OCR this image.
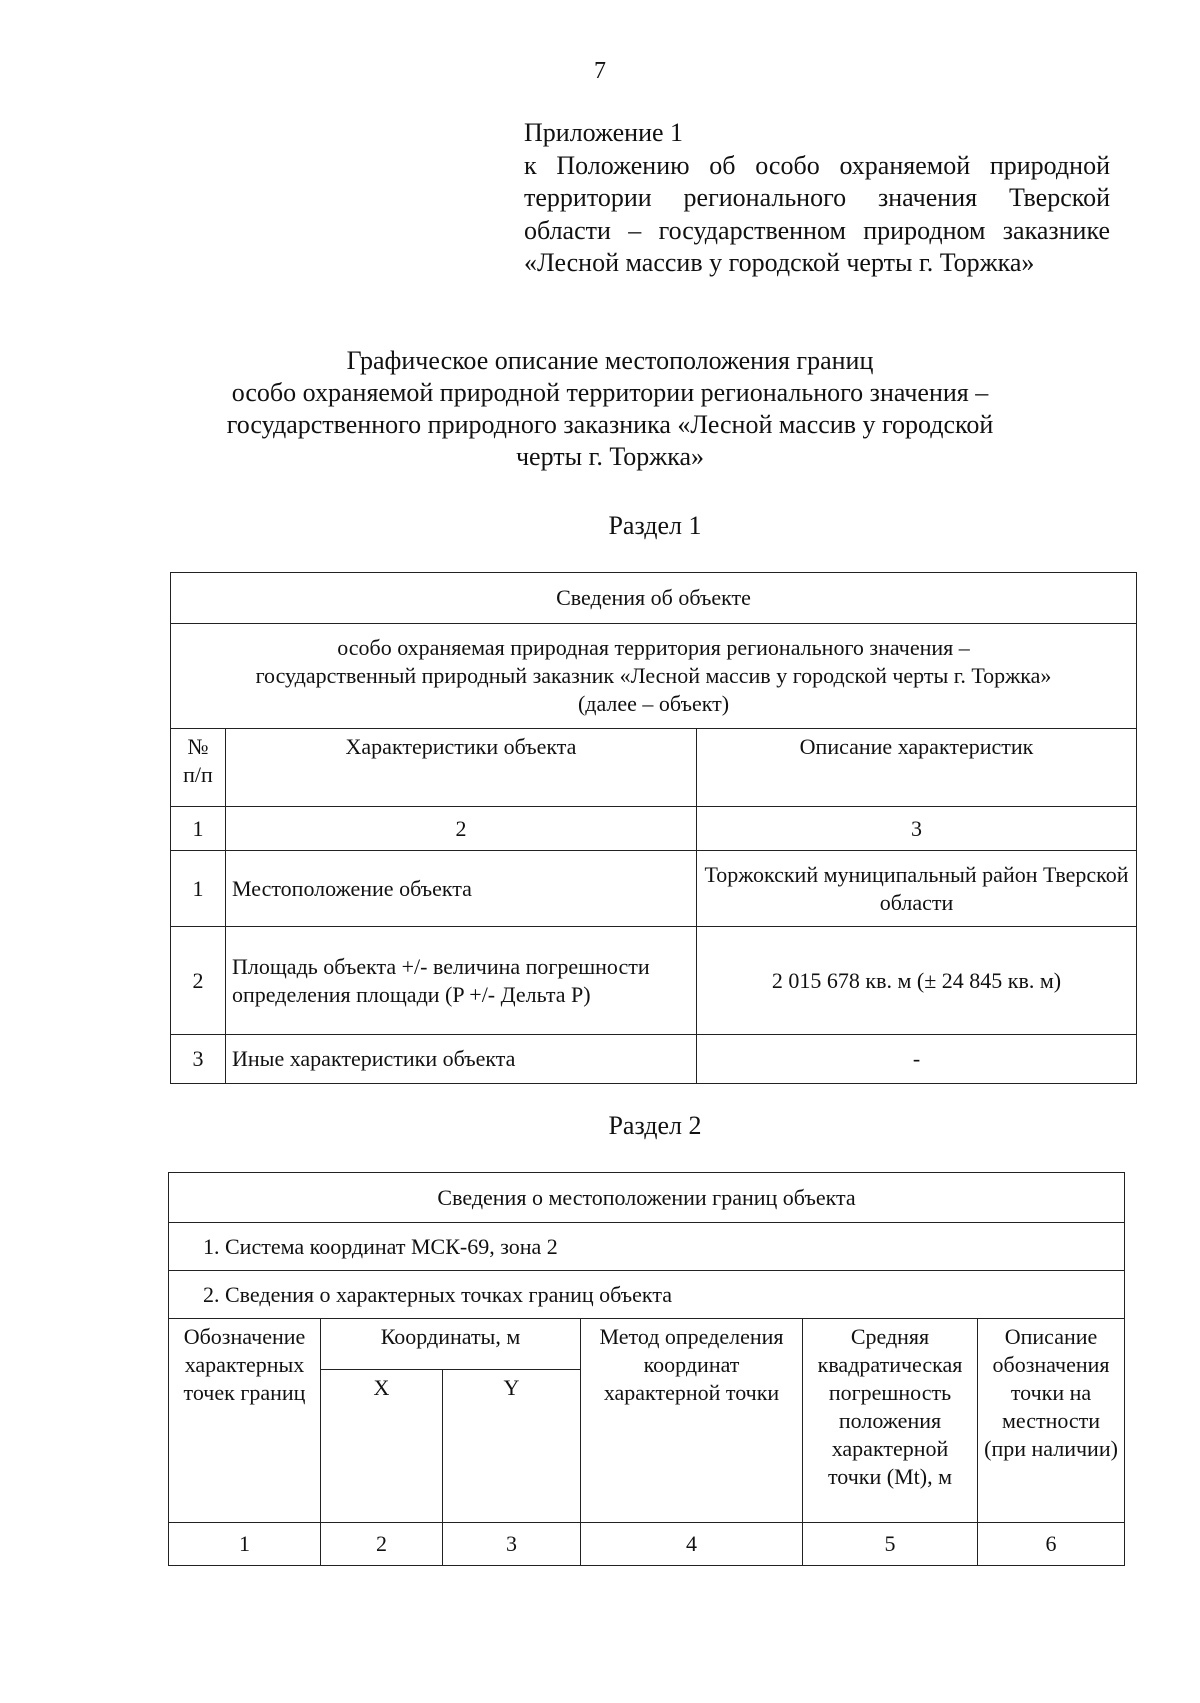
7
Приложение 1
к Положению об особо охраняемой природной территории регионального значения Тверской области – государственном природном заказнике «Лесной массив у городской черты г. Торжка»
Графическое описание местоположения границ
особо охраняемой природной территории регионального значения –
государственного природного заказника «Лесной массив у городской
черты г. Торжка»
Раздел 1
Сведения об объекте		

особо охраняемая природная территория регионального значения –
государственный природный заказник «Лесной массив у городской черты г. Торжка»
(далее – объект)		

№ п/п	Характеристики объекта	Описание характеристик
1	2	3
1	Местоположение объекта	Торжокский муниципальный район Тверской области
2	Площадь объекта +/- величина погрешности определения площади (P +/- Дельта P)	2 015 678 кв. м (± 24 845 кв. м)
3	Иные характеристики объекта	-
Раздел 2
Сведения о местоположении границ объекта					
1. Система координат МСК-69, зона 2					
2. Сведения о характерных точках границ объекта					
Обозначение характерных точек границ	Координаты, м		Метод определения координат характерной точки	Средняя квадратическая погрешность положения характерной точки (Mt), м	Описание обозначения точки на местности (при наличии)
	X	Y			
1	2	3	4	5	6
